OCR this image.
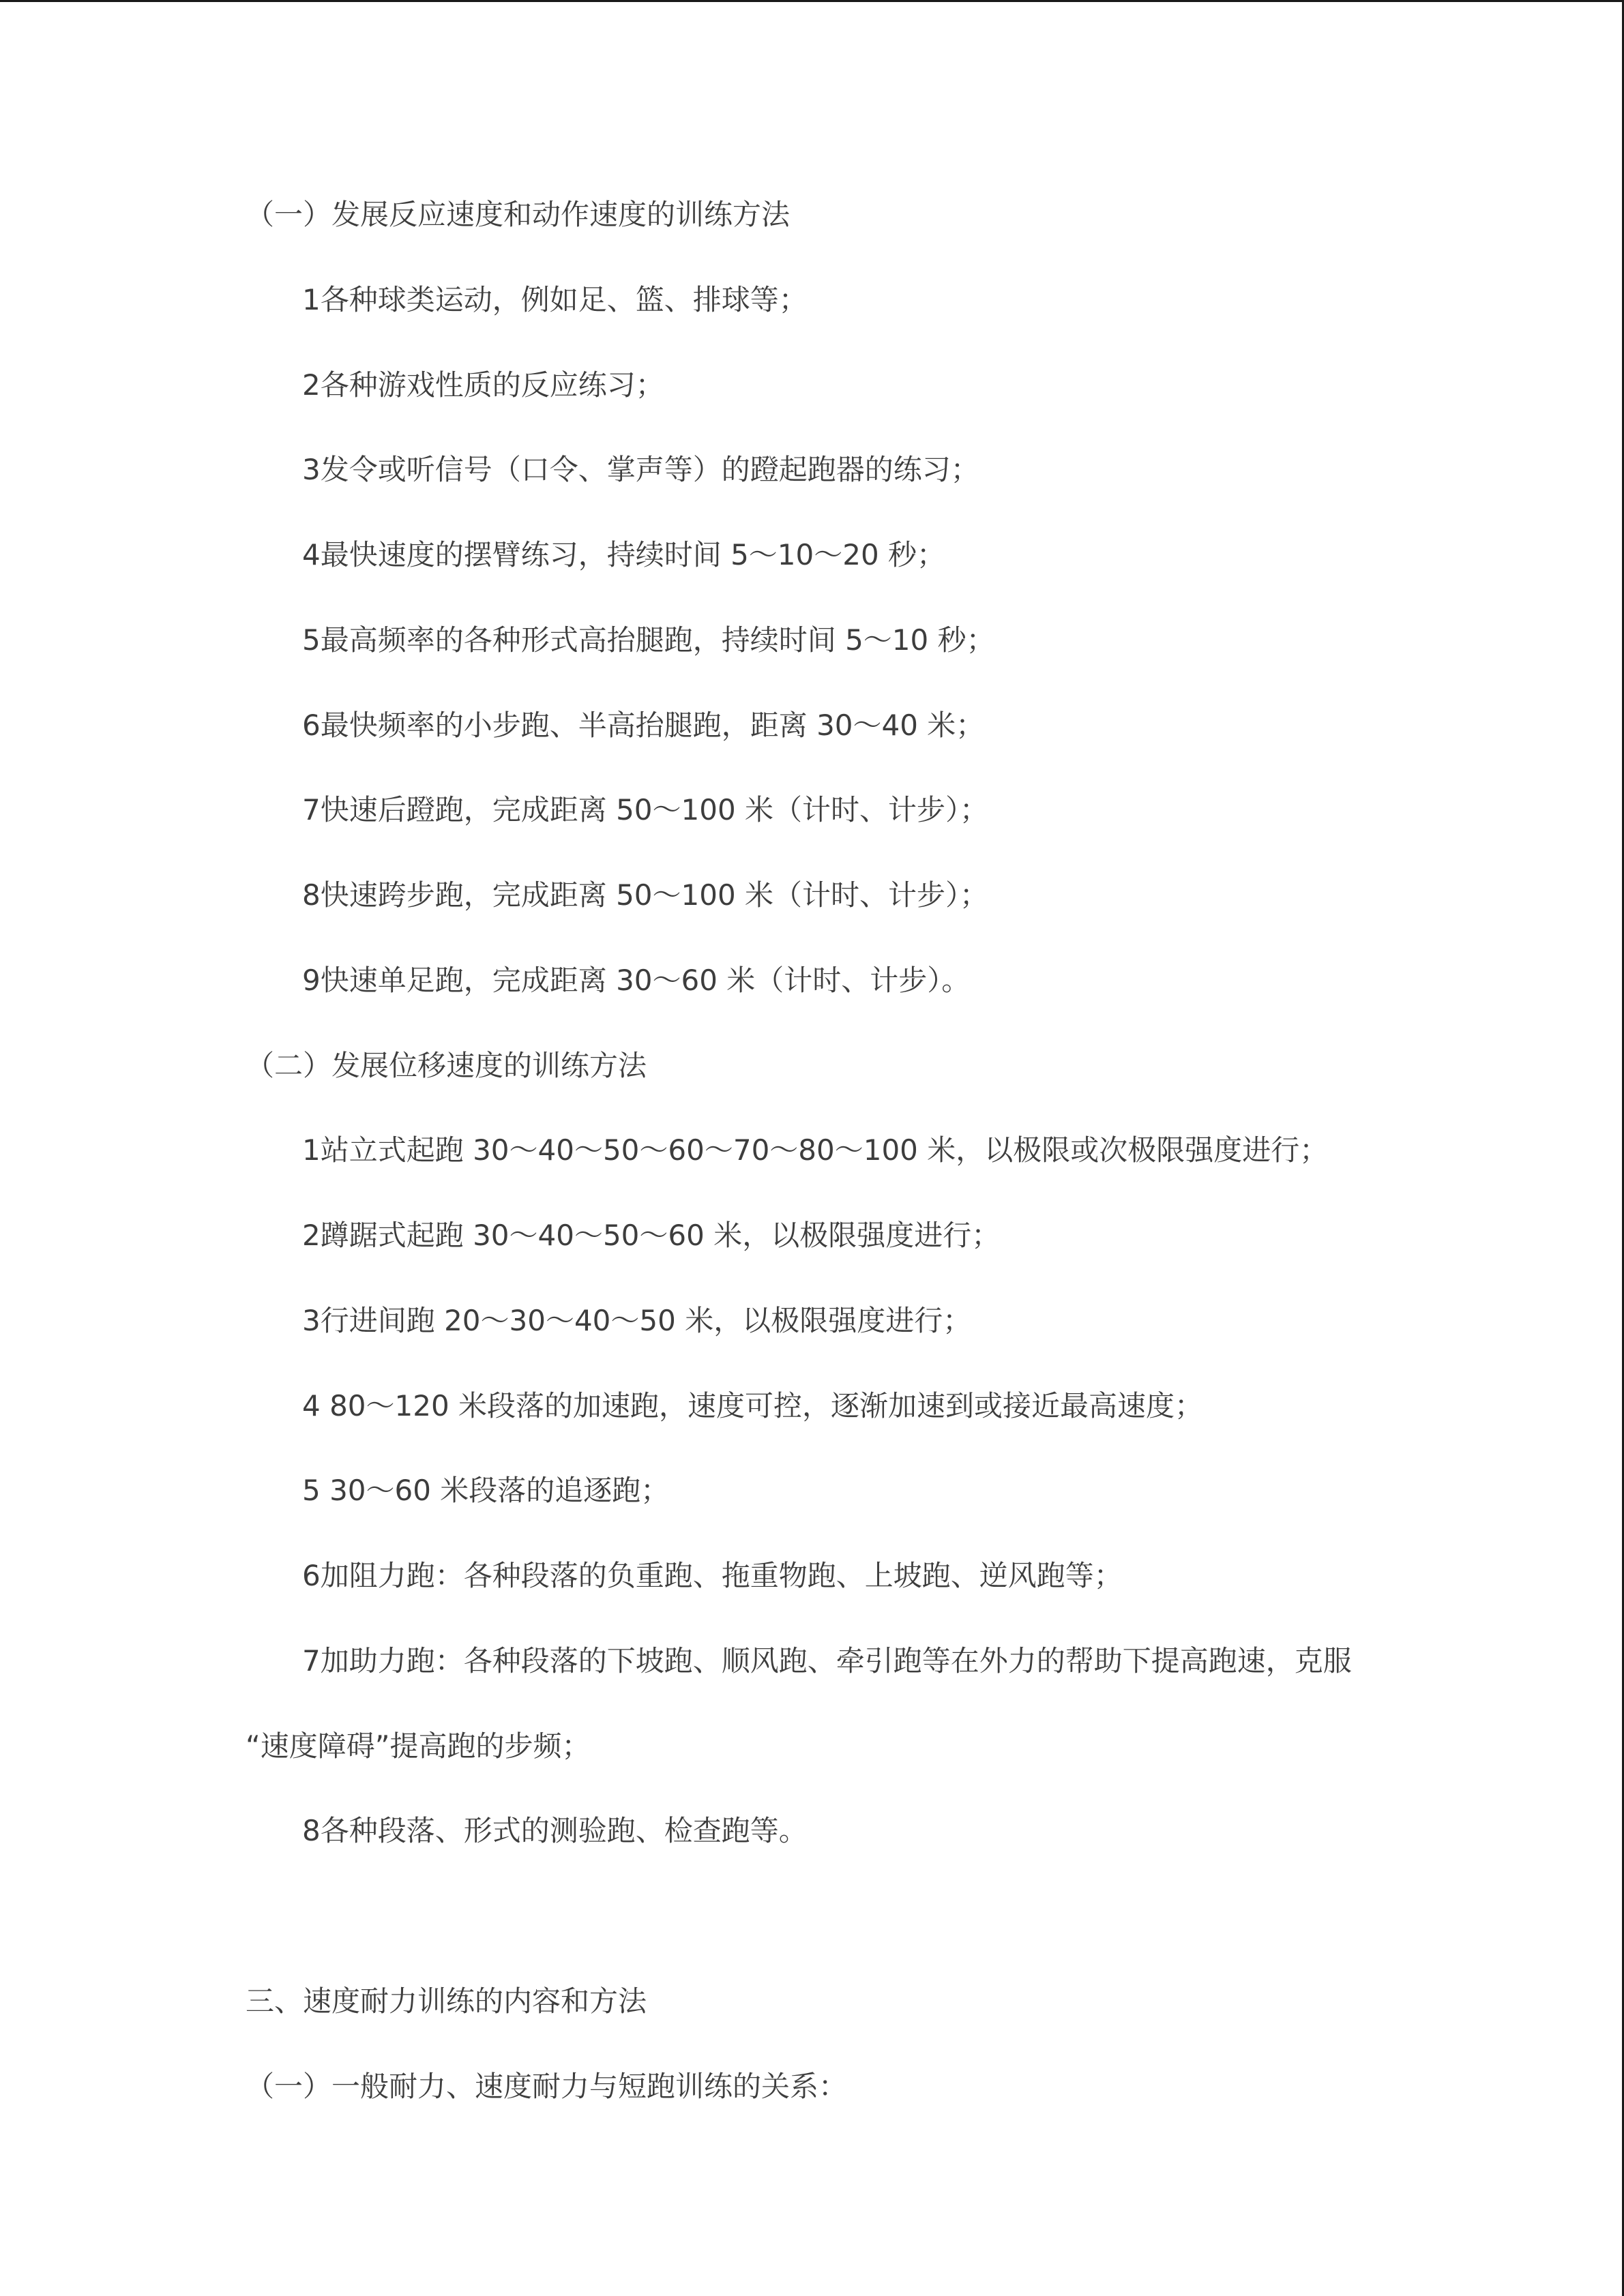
（一）发展反应速度和动作速度的训练方法
1各种球类运动，例如足、篮、排球等；
2各种游戏性质的反应练习；
3发令或听信号（口令、掌声等）的蹬起跑器的练习；
4最快速度的摆臂练习，持续时间 5～10～20 秒；
5最高频率的各种形式高抬腿跑，持续时间 5～10 秒；
6最快频率的小步跑、半高抬腿跑，距离 30～40 米；
7快速后蹬跑，完成距离 50～100 米（计时、计步）；
8快速跨步跑，完成距离 50～100 米（计时、计步）；
9快速单足跑，完成距离 30～60 米（计时、计步）。
（二）发展位移速度的训练方法
1站立式起跑 30～40～50～60～70～80～100 米，以极限或次极限强度进行；
2蹲踞式起跑 30～40～50～60 米，以极限强度进行；
3行进间跑 20～30～40～50 米，以极限强度进行；
4 80～120 米段落的加速跑，速度可控，逐渐加速到或接近最高速度；
5 30～60 米段落的追逐跑；
6加阻力跑：各种段落的负重跑、拖重物跑、上坡跑、逆风跑等；
7加助力跑：各种段落的下坡跑、顺风跑、牵引跑等在外力的帮助下提高跑速，克服
“速度障碍”提高跑的步频；
8各种段落、形式的测验跑、检查跑等。
三、速度耐力训练的内容和方法
（一）一般耐力、速度耐力与短跑训练的关系：
